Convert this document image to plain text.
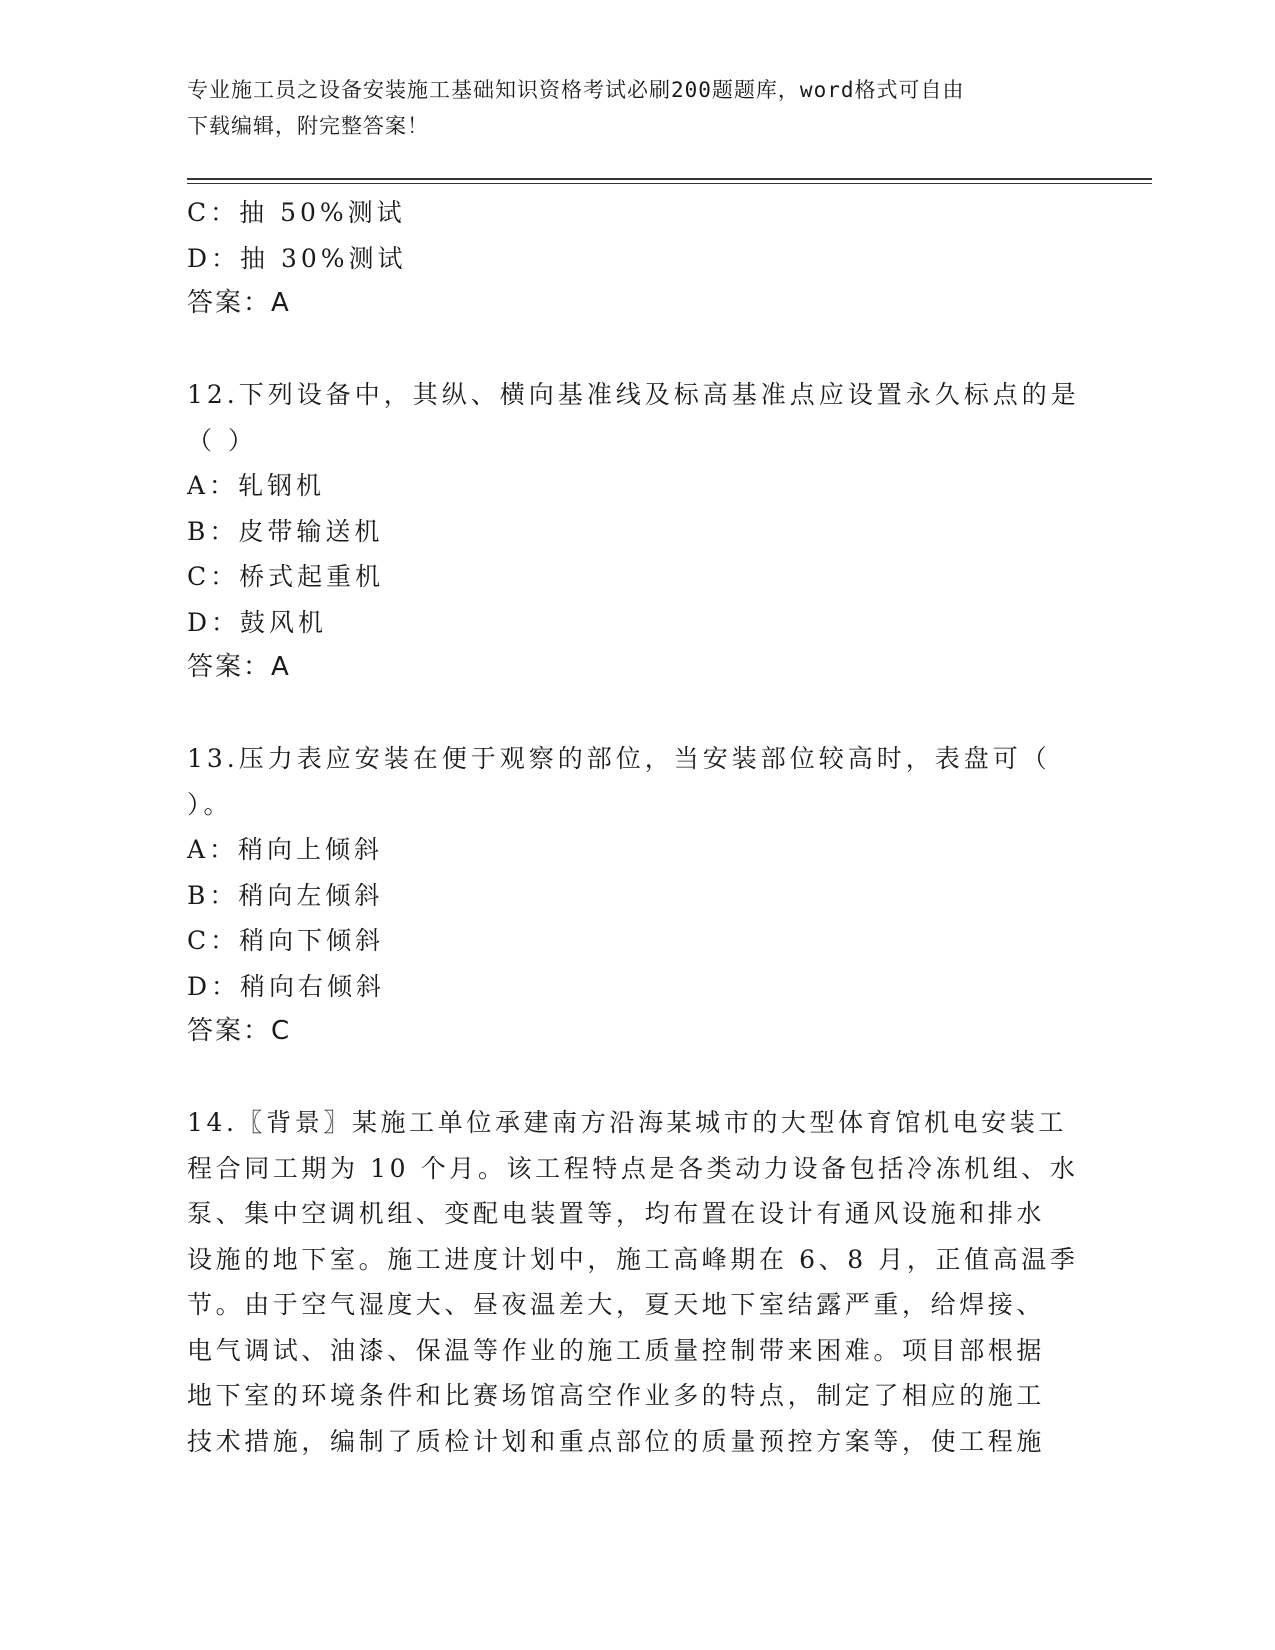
专业施工员之设备安装施工基础知识资格考试必刷200题题库，word格式可自由
下载编辑，附完整答案！
C：抽 50%测试
D：抽 30%测试
答案：A
12.下列设备中，其纵、横向基准线及标高基准点应设置永久标点的是
（ ）
A：轧钢机
B：皮带输送机
C：桥式起重机
D：鼓风机
答案：A
13.压力表应安装在便于观察的部位，当安装部位较高时，表盘可（
）。
A：稍向上倾斜
B：稍向左倾斜
C：稍向下倾斜
D：稍向右倾斜
答案：C
14.〖背景〗某施工单位承建南方沿海某城市的大型体育馆机电安装工
程合同工期为 10 个月。该工程特点是各类动力设备包括冷冻机组、水
泵、集中空调机组、变配电装置等，均布置在设计有通风设施和排水
设施的地下室。施工进度计划中，施工高峰期在 6、8 月，正值高温季
节。由于空气湿度大、昼夜温差大，夏天地下室结露严重，给焊接、
电气调试、油漆、保温等作业的施工质量控制带来困难。项目部根据
地下室的环境条件和比赛场馆高空作业多的特点，制定了相应的施工
技术措施，编制了质检计划和重点部位的质量预控方案等，使工程施
